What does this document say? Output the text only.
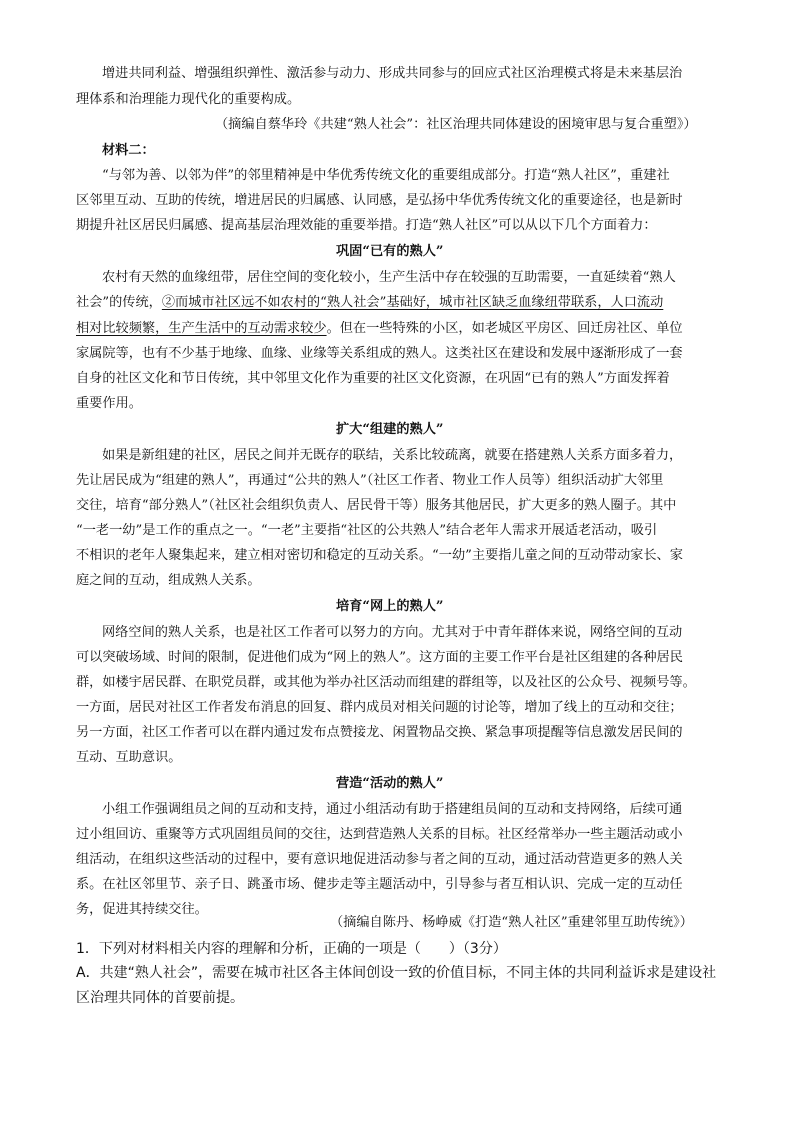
增进共同利益、增强组织弹性、激活参与动力、形成共同参与的回应式社区治理模式将是未来基层治
理体系和治理能力现代化的重要构成。
（摘编自蔡华玲《共建“熟人社会”：社区治理共同体建设的困境审思与复合重塑》）
材料二：
“与邻为善、以邻为伴”的邻里精神是中华优秀传统文化的重要组成部分。打造“熟人社区”，重建社
区邻里互动、互助的传统，增进居民的归属感、认同感，是弘扬中华优秀传统文化的重要途径，也是新时
期提升社区居民归属感、提高基层治理效能的重要举措。打造“熟人社区”可以从以下几个方面着力：
巩固“已有的熟人”
农村有天然的血缘纽带，居住空间的变化较小，生产生活中存在较强的互助需要，一直延续着“熟人
社会”的传统，②而城市社区远不如农村的“熟人社会”基础好，城市社区缺乏血缘纽带联系，人口流动
相对比较频繁，生产生活中的互动需求较少。但在一些特殊的小区，如老城区平房区、回迁房社区、单位
家属院等，也有不少基于地缘、血缘、业缘等关系组成的熟人。这类社区在建设和发展中逐渐形成了一套
自身的社区文化和节日传统，其中邻里文化作为重要的社区文化资源，在巩固“已有的熟人”方面发挥着
重要作用。
扩大“组建的熟人”
如果是新组建的社区，居民之间并无既存的联结，关系比较疏离，就要在搭建熟人关系方面多着力，
先让居民成为“组建的熟人”，再通过“公共的熟人”（社区工作者、物业工作人员等）组织活动扩大邻里
交往，培育“部分熟人”（社区社会组织负责人、居民骨干等）服务其他居民，扩大更多的熟人圈子。其中
“一老一幼”是工作的重点之一。“一老”主要指“社区的公共熟人”结合老年人需求开展适老活动，吸引
不相识的老年人聚集起来，建立相对密切和稳定的互动关系。“一幼”主要指儿童之间的互动带动家长、家
庭之间的互动，组成熟人关系。
培育“网上的熟人”
网络空间的熟人关系，也是社区工作者可以努力的方向。尤其对于中青年群体来说，网络空间的互动
可以突破场域、时间的限制，促进他们成为“网上的熟人”。这方面的主要工作平台是社区组建的各种居民
群，如楼宇居民群、在职党员群，或其他为举办社区活动而组建的群组等，以及社区的公众号、视频号等。
一方面，居民对社区工作者发布消息的回复、群内成员对相关问题的讨论等，增加了线上的互动和交往；
另一方面，社区工作者可以在群内通过发布点赞接龙、闲置物品交换、紧急事项提醒等信息激发居民间的
互动、互助意识。
营造“活动的熟人”
小组工作强调组员之间的互动和支持，通过小组活动有助于搭建组员间的互动和支持网络，后续可通
过小组回访、重聚等方式巩固组员间的交往，达到营造熟人关系的目标。社区经常举办一些主题活动或小
组活动，在组织这些活动的过程中，要有意识地促进活动参与者之间的互动，通过活动营造更多的熟人关
系。在社区邻里节、亲子日、跳蚤市场、健步走等主题活动中，引导参与者互相认识、完成一定的互动任
务，促进其持续交往。
（摘编自陈丹、杨峥威《打造“熟人社区”重建邻里互助传统》）
1．下列对材料相关内容的理解和分析，正确的一项是（　　）（3分）
A．共建“熟人社会”，需要在城市社区各主体间创设一致的价值目标，不同主体的共同利益诉求是建设社
区治理共同体的首要前提。
